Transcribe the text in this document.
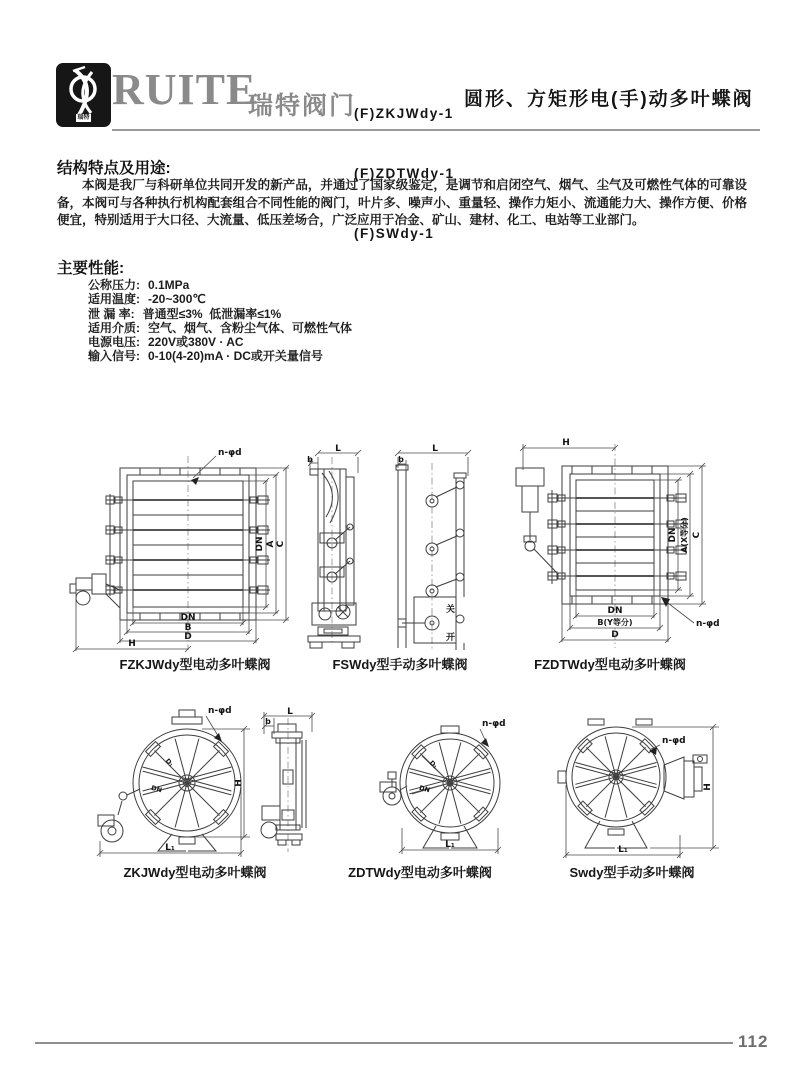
瑞特
RUITE
瑞特阀门

(F)ZKJWdy-1

(F)ZDTWdy-1

(F)SWdy-1

圆形、方矩形电(手)动多叶蝶阀
结构特点及用途:
本阀是我厂与科研单位共同开发的新产品，并通过了国家级鉴定，是调节和启闭空气、烟气、尘气及可燃性气体的可靠设备，本阀可与各种执行机构配套组合不同性能的阀门，叶片多、噪声小、重量轻、操作力矩小、流通能力大、操作方便、价格便宜，特别适用于大口径、大流量、低压差场合，广泛应用于冶金、矿山、建材、化工、电站等工业部门。
主要性能:
公称压力: 0.1MPa
适用温度: -20~300℃
泄 漏 率: 普通型≤3%  低泄漏率≤1%
适用介质: 空气、烟气、含粉尘气体、可燃性气体
电源电压: 220V或380V · AC
输入信号: 0-10(4-20)mA · DC或开关量信号
n-φd
DN A C
DN
B
D
H
L
b
L
b
关
开
H
DN A(X等分) C
DN
B(Y等分)
D
n-φd
FZKJWdy型电动多叶蝶阀	FSWdy型手动多叶蝶阀	FZDTWdy型电动多叶蝶阀
D₁
DN
n-φd
H
L₁
L
b
D₁
DN
n-φd
L₁
n-φd
H
L₁
ZKJWdy型电动多叶蝶阀	ZDTWdy型电动多叶蝶阀	Swdy型手动多叶蝶阀
112
